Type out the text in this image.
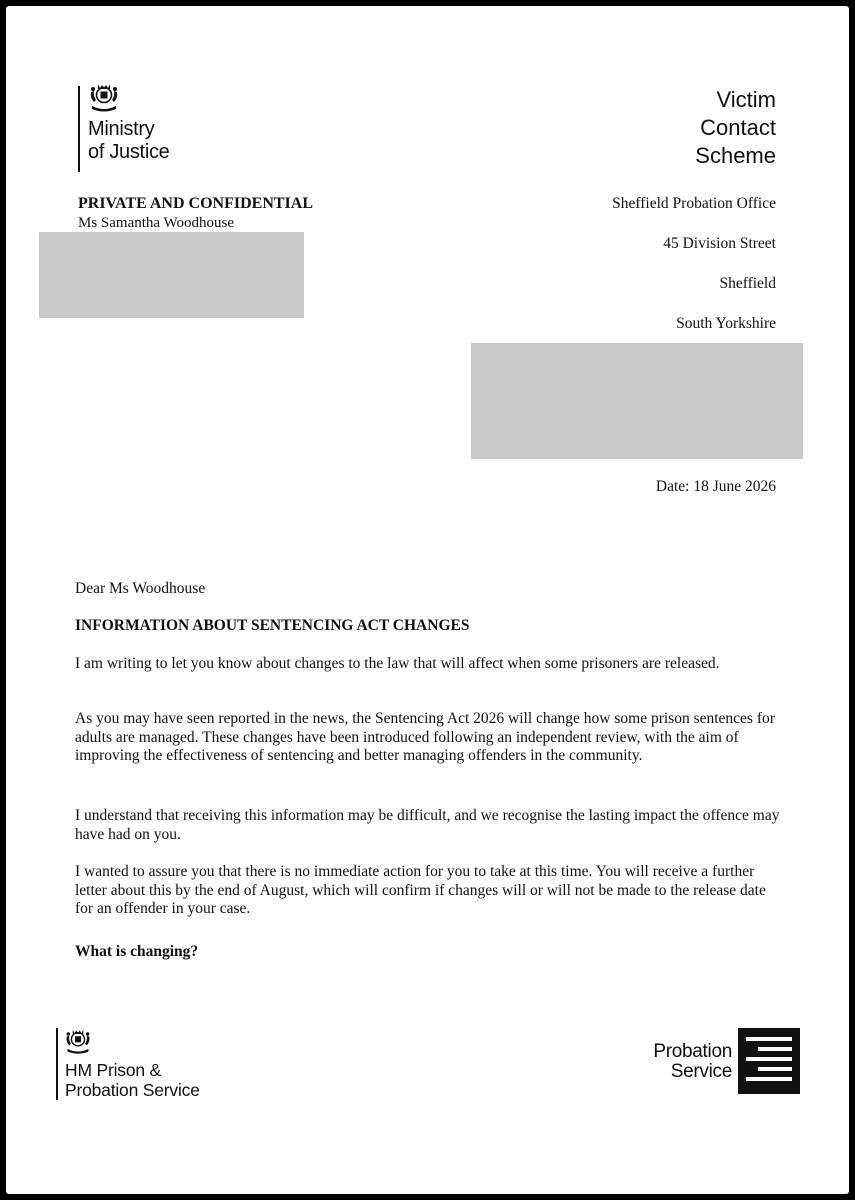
Ministry
of Justice
Victim
Contact
Scheme
PRIVATE AND CONFIDENTIAL
Ms Samantha Woodhouse
Sheffield Probation Office
45 Division Street
Sheffield
South Yorkshire
Date: 18 June 2026
Dear Ms Woodhouse
INFORMATION ABOUT SENTENCING ACT CHANGES
I am writing to let you know about changes to the law that will affect when some prisoners are released.
As you may have seen reported in the news, the Sentencing Act 2026 will change how some prison sentences for adults are managed. These changes have been introduced following an independent review, with the aim of improving the effectiveness of sentencing and better managing offenders in the community.
I understand that receiving this information may be difficult, and we recognise the lasting impact the offence may have had on you.
I wanted to assure you that there is no immediate action for you to take at this time. You will receive a further letter about this by the end of August, which will confirm if changes will or will not be made to the release date for an offender in your case.
What is changing?
HM Prison &
Probation Service
Probation
Service
